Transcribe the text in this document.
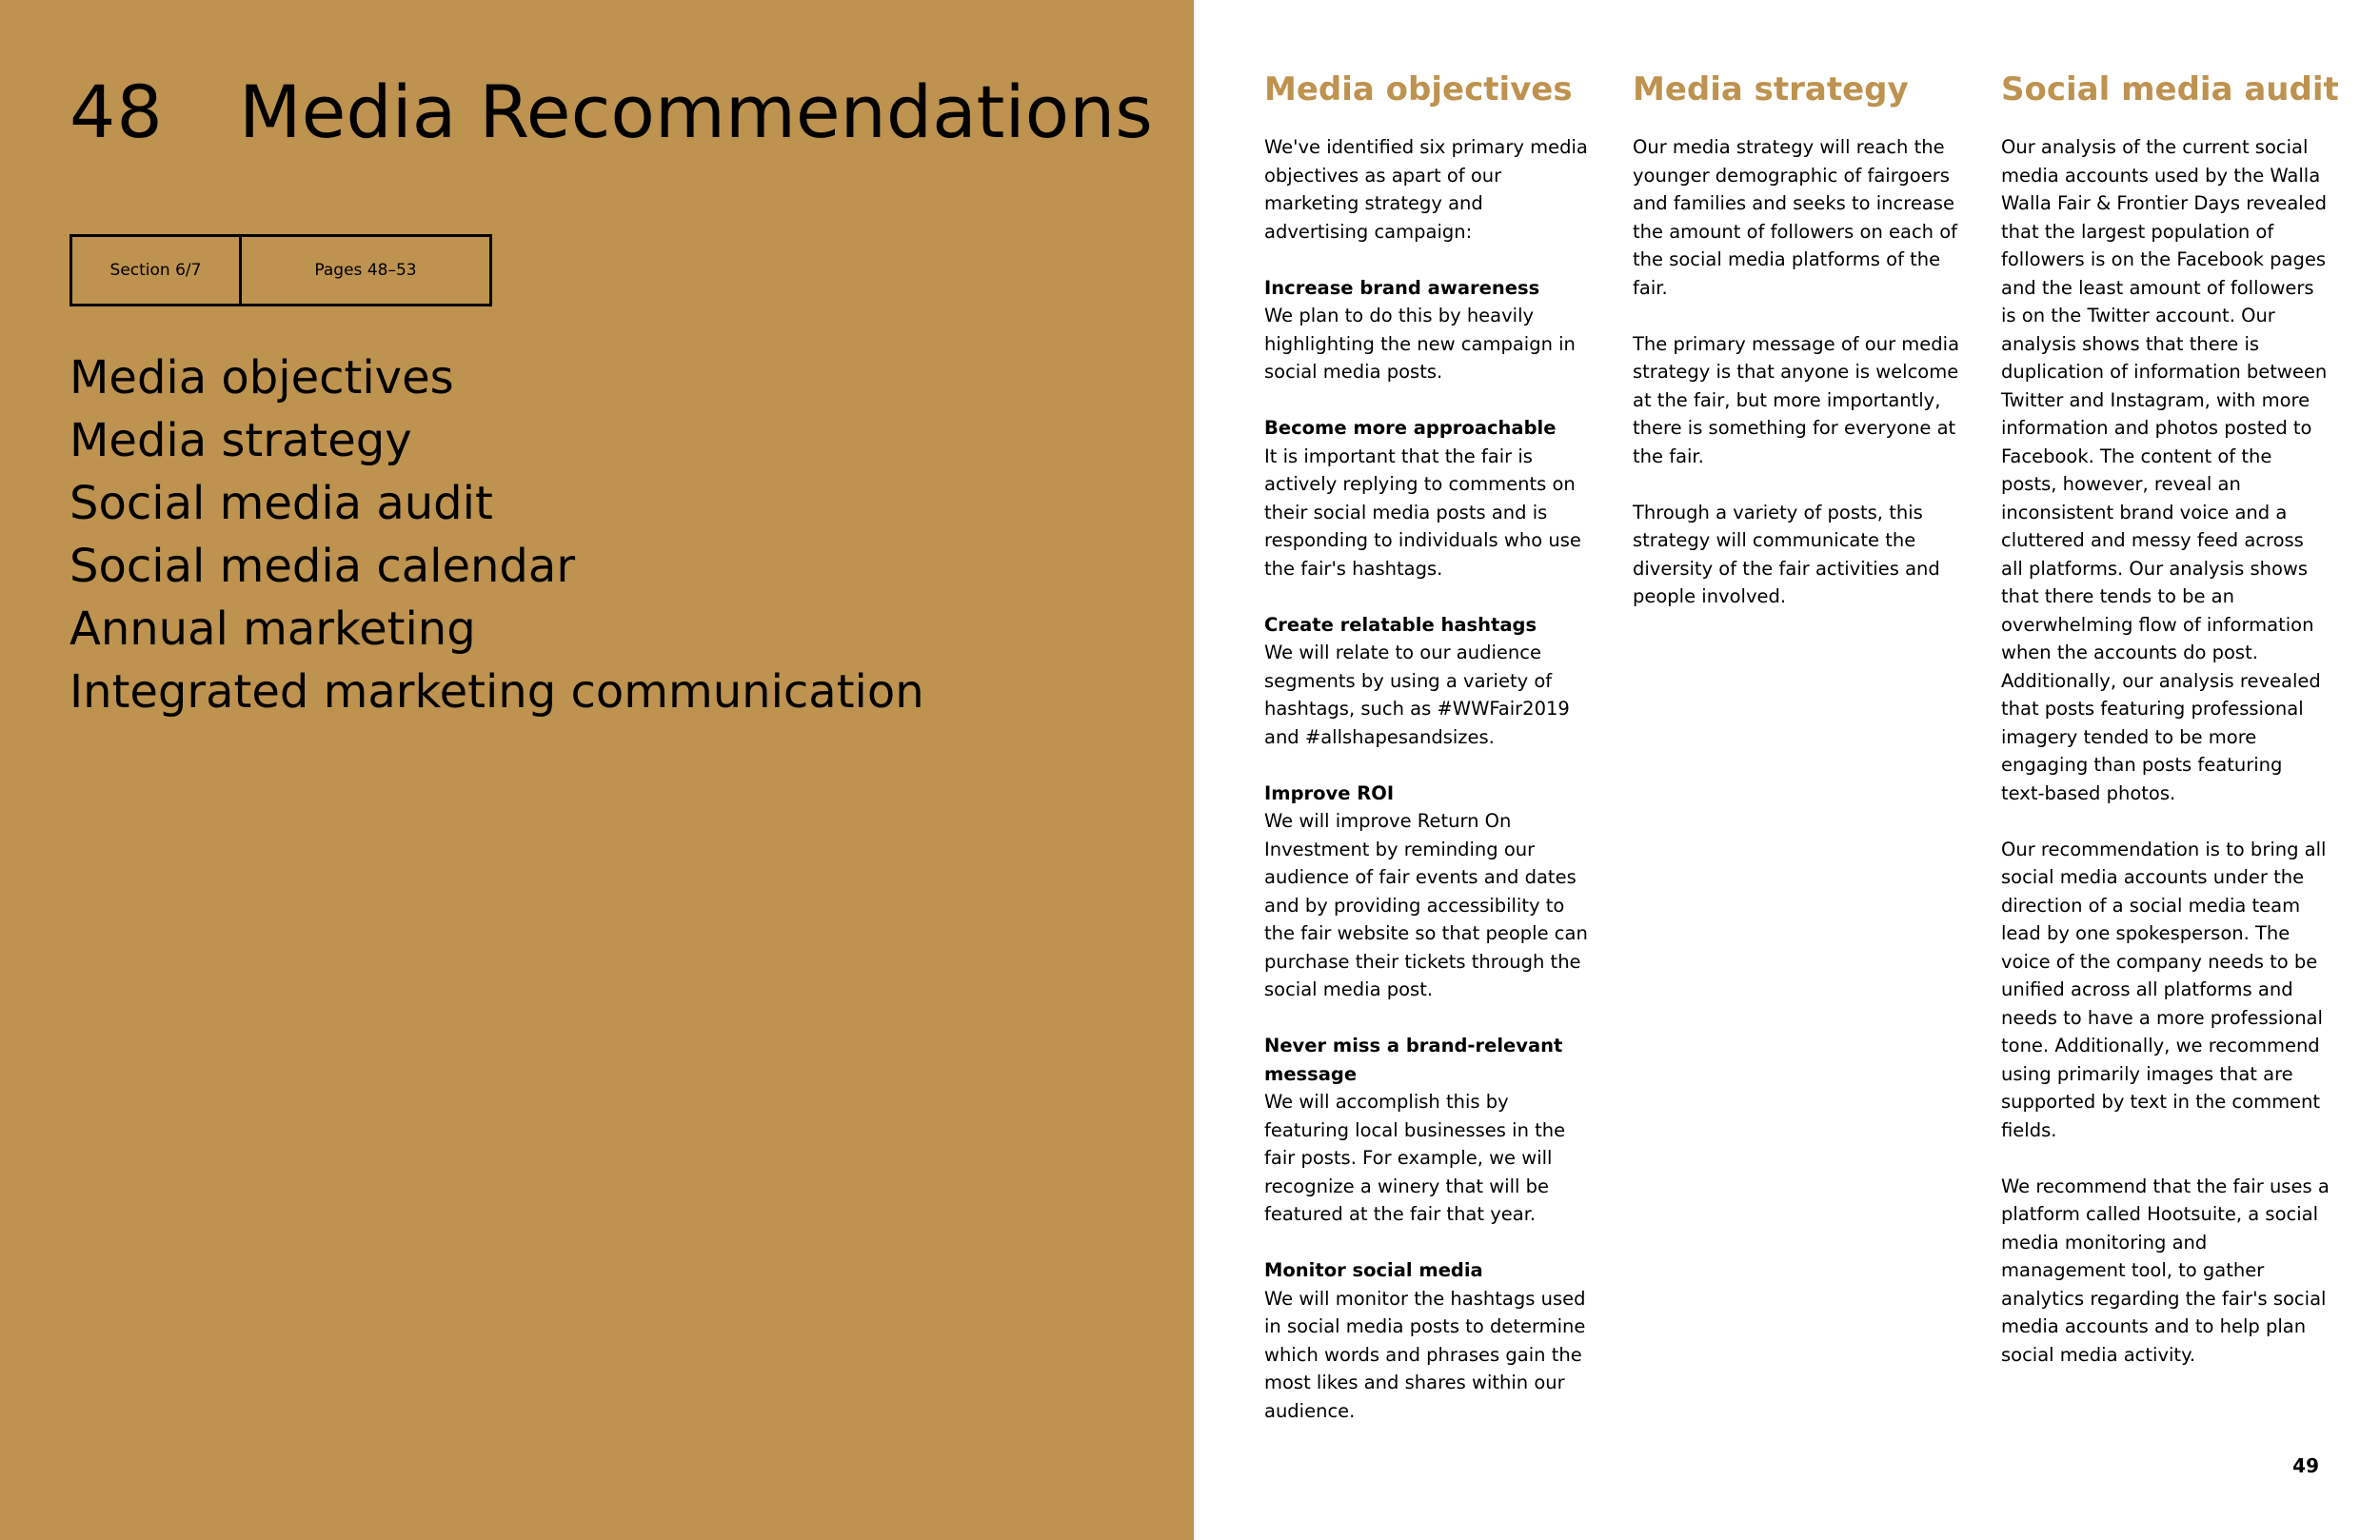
48 Media Recommendations
Section 6/7	Pages 48–53
Media objectives
Media strategy
Social media audit
Social media calendar
Annual marketing
Integrated marketing communication
Media objectives

We've identified six primary media objectives as apart of our marketing strategy and advertising campaign:

Increase brand awareness
We plan to do this by heavily highlighting the new campaign in social media posts.
Become more approachable
It is important that the fair is actively replying to comments on their social media posts and is responding to individuals who use the fair's hashtags.
Create relatable hashtags
We will relate to our audience segments by using a variety of hashtags, such as #WWFair2019 and #allshapesandsizes.
Improve ROI
We will improve Return On Investment by reminding our audience of fair events and dates and by providing accessibility to the fair website so that people can purchase their tickets through the social media post.
Never miss a brand-relevant message
We will accomplish this by featuring local businesses in the fair posts. For example, we will recognize a winery that will be featured at the fair that year.
Monitor social media
We will monitor the hashtags used in social media posts to determine which words and phrases gain the most likes and shares within our audience.
Media strategy

Our media strategy will reach the younger demographic of fairgoers and families and seeks to increase the amount of followers on each of the social media platforms of the fair.

The primary message of our media strategy is that anyone is welcome at the fair, but more importantly, there is something for everyone at the fair.

Through a variety of posts, this strategy will communicate the diversity of the fair activities and people involved.

Social media audit

Our analysis of the current social media accounts used by the Walla Walla Fair & Frontier Days revealed that the largest population of followers is on the Facebook pages and the least amount of followers is on the Twitter account. Our analysis shows that there is duplication of information between Twitter and Instagram, with more information and photos posted to Facebook. The content of the posts, however, reveal an inconsistent brand voice and a cluttered and messy feed across all platforms. Our analysis shows that there tends to be an overwhelming flow of information when the accounts do post. Additionally, our analysis revealed that posts featuring professional imagery tended to be more engaging than posts featuring text-based photos.

Our recommendation is to bring all social media accounts under the direction of a social media team lead by one spokesperson. The voice of the company needs to be unified across all platforms and needs to have a more professional tone. Additionally, we recommend using primarily images that are supported by text in the comment fields.

We recommend that the fair uses a platform called Hootsuite, a social media monitoring and management tool, to gather analytics regarding the fair's social media accounts and to help plan social media activity.

49
